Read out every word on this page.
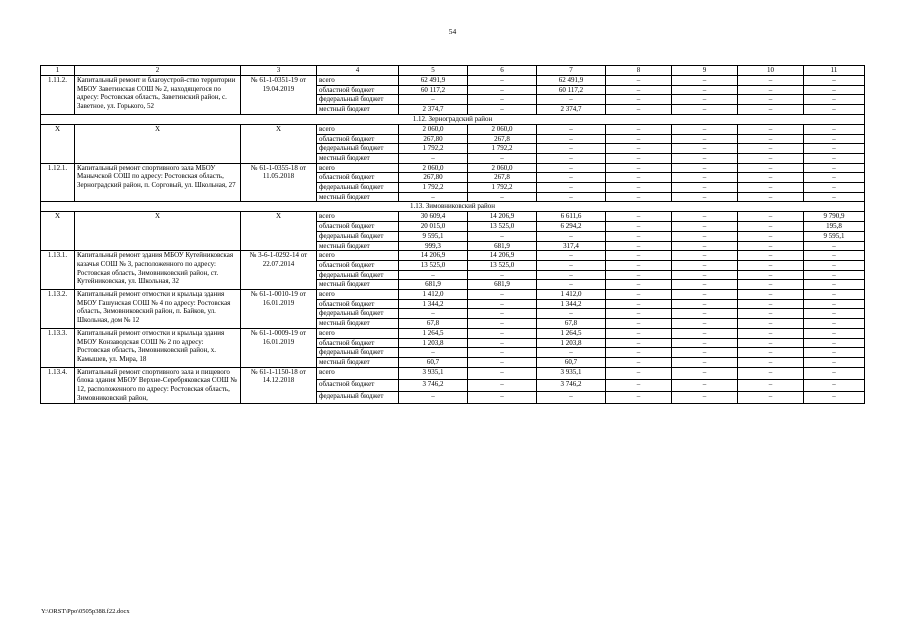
54
1	2	3	4	5	6	7	8	9	10	11
1.11.2.	Капитальный ремонт и благоустрой-ство территории МБОУ Заветинская СОШ № 2, находящегося по адресу: Ростовская область, Заветинский район, с. Заветное, ул. Горького, 52	№ 61-1-0351-19 от 19.04.2019	всего	62 491,9	–	62 491,9	–	–	–	–
			областной бюджет	60 117,2	–	60 117,2	–	–	–	–
			федеральный бюджет	–	–	–	–	–	–	–
			местный бюджет	2 374,7	–	2 374,7	–	–	–	–
1.12. Зерноградский район										
Х	Х	Х	всего	2 060,0	2 060,0	–	–	–	–	–
			областной бюджет	267,80	267,8	–	–	–	–	–
			федеральный бюджет	1 792,2	1 792,2	–	–	–	–	–
			местный бюджет	–	–	–	–	–	–	–
1.12.1.	Капитальный ремонт спортивного зала МБОУ Манычской СОШ по адресу: Ростовская область, Зерноградский район, п. Сорговый, ул. Школьная, 27	№ 61-1-0355-18 от 11.05.2018	всего	2 060,0	2 060,0	–	–	–	–	–
			областной бюджет	267,80	267,8	–	–	–	–	–
			федеральный бюджет	1 792,2	1 792,2	–	–	–	–	–
			местный бюджет	–	–	–	–	–	–	–
1.13. Зимовниковский район										
Х	Х	Х	всего	30 609,4	14 206,9	6 611,6	–	–	–	9 790,9
			областной бюджет	20 015,0	13 525,0	6 294,2	–	–	–	195,8
			федеральный бюджет	9 595,1	–	–	–	–	–	9 595,1
			местный бюджет	999,3	681,9	317,4	–	–	–	–
1.13.1.	Капитальный ремонт здания МБОУ Кутейниковская казачья СОШ № 3, расположенного по адресу: Ростовская область, Зимовниковский район, ст. Кутейниковская, ул. Школьная, 32	№ 3-6-1-0292-14 от 22.07.2014	всего	14 206,9	14 206,9	–	–	–	–	–
			областной бюджет	13 525,0	13 525,0	–	–	–	–	–
			федеральный бюджет	–	–	–	–	–	–	–
			местный бюджет	681,9	681,9	–	–	–	–	–
1.13.2.	Капитальный ремонт отмостки и крыльца здания МБОУ Гашунская СОШ № 4 по адресу: Ростовская область, Зимовниковский район, п. Байков, ул. Школьная, дом № 12	№ 61-1-0010-19 от 16.01.2019	всего	1 412,0	–	1 412,0	–	–	–	–
			областной бюджет	1 344,2	–	1 344,2	–	–	–	–
			федеральный бюджет	–	–	–	–	–	–	–
			местный бюджет	67,8	–	67,8	–	–	–	–
1.13.3.	Капитальный ремонт отмостки и крыльца здания МБОУ Конзаводская СОШ № 2 по адресу: Ростовская область, Зимовниковский район, х. Камышев, ул. Мира, 18	№ 61-1-0009-19 от 16.01.2019	всего	1 264,5	–	1 264,5	–	–	–	–
			областной бюджет	1 203,8	–	1 203,8	–	–	–	–
			федеральный бюджет	–	–	–	–	–	–	–
			местный бюджет	60,7	–	60,7	–	–	–	–
1.13.4.	Капитальный ремонт спортивного зала и пищевого блока здания МБОУ Верхне-Серебряковская СОШ № 12, расположенного по адресу: Ростовская область, Зимовниковский район,	№ 61-1-1150-18 от 14.12.2018	всего	3 935,1	–	3 935,1	–	–	–	–
			областной бюджет	3 746,2	–	3 746,2	–	–	–	–
			федеральный бюджет	–	–	–	–	–	–	–
Y:\ORST\Ppo\0505p388.f22.docx
